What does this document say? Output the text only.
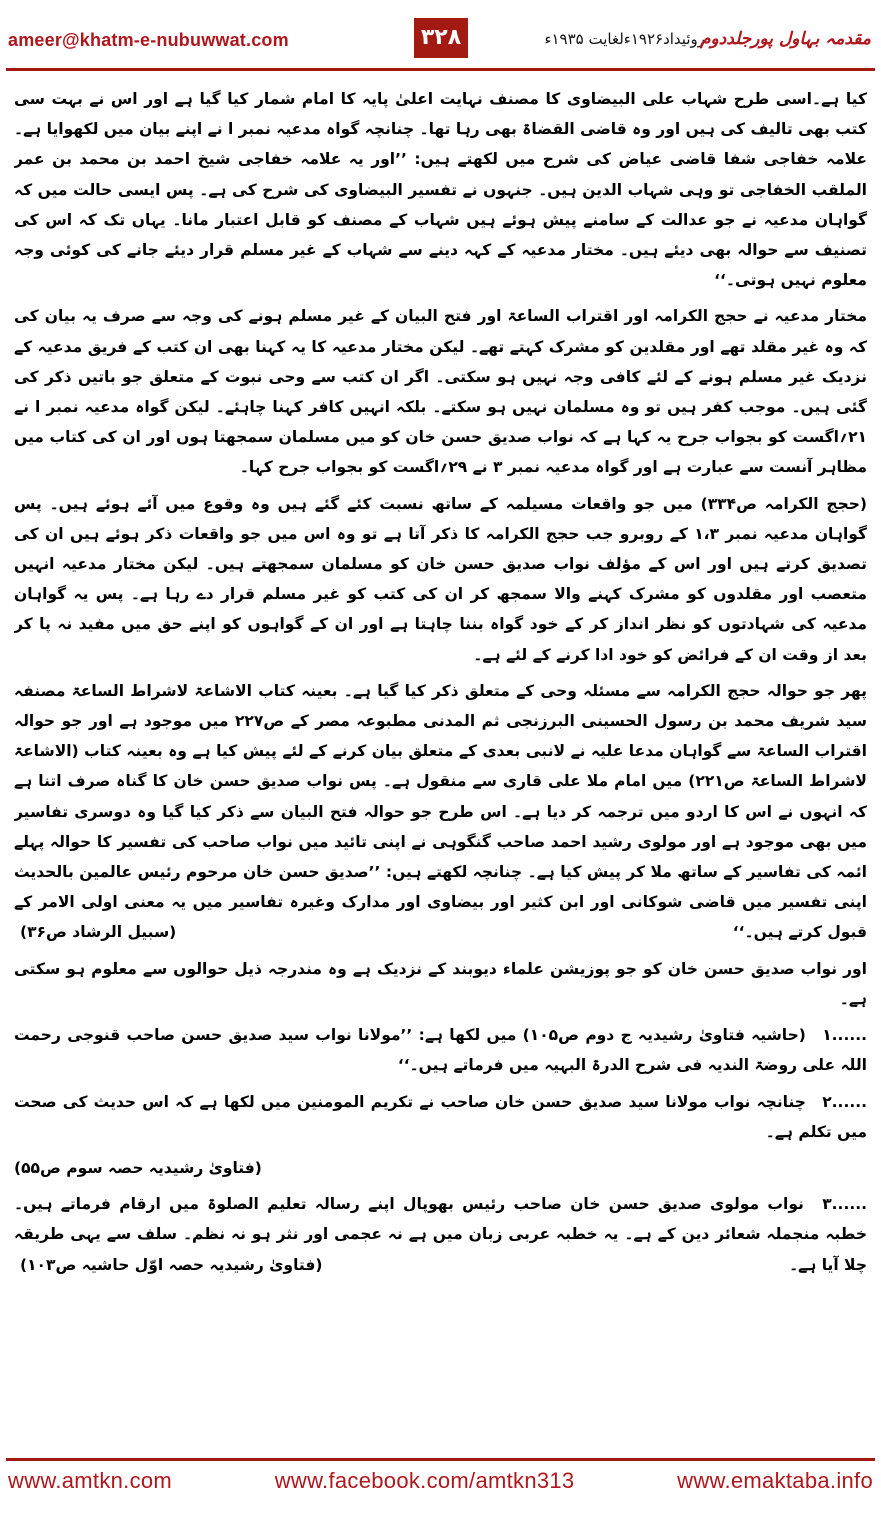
ameer@khatm-e-nubuwwat.com	۳۲۸	روئیداد۱۹۲۶ءلغایت ۱۹۳۵ء
مقدمہ بہاول پورجلددوم

کیا ہے۔اسی طرح شہاب علی البیضاوی کا مصنف نہایت اعلیٰ پایہ کا امام شمار کیا گیا ہے اور اس نے بہت سی کتب بھی تالیف کی ہیں اور وہ قاضی القضاۃ بھی رہا تھا۔ چنانچہ گواہ مدعیہ نمبر ا نے اپنے بیان میں لکھوایا ہے۔ علامہ خفاجی شفا قاضی عیاض کی شرح میں لکھتے ہیں: ’’اور یہ علامہ خفاجی شیخ احمد بن محمد بن عمر الملقب الخفاجی تو وہی شہاب الدین ہیں۔ جنہوں نے تفسیر البیضاوی کی شرح کی ہے۔ پس ایسی حالت میں کہ گواہان مدعیہ نے جو عدالت کے سامنے پیش ہوئے ہیں شہاب کے مصنف کو قابل اعتبار مانا۔ یہاں تک کہ اس کی تصنیف سے حوالہ بھی دیئے ہیں۔ مختار مدعیہ کے کہہ دینے سے شہاب کے غیر مسلم قرار دیئے جانے کی کوئی وجہ معلوم نہیں ہوتی۔‘‘

مختار مدعیہ نے حجج الکرامہ اور اقتراب الساعۃ اور فتح البیان کے غیر مسلم ہونے کی وجہ سے صرف یہ بیان کی کہ وہ غیر مقلد تھے اور مقلدین کو مشرک کہتے تھے۔ لیکن مختار مدعیہ کا یہ کہنا بھی ان کتب کے فریق مدعیہ کے نزدیک غیر مسلم ہونے کے لئے کافی وجہ نہیں ہو سکتی۔ اگر ان کتب سے وحی نبوت کے متعلق جو باتیں ذکر کی گئی ہیں۔ موجب کفر ہیں تو وہ مسلمان نہیں ہو سکتے۔ بلکہ انہیں کافر کہنا چاہئے۔ لیکن گواہ مدعیہ نمبر ا نے ۲۱؍اگست کو بجواب جرح یہ کہا ہے کہ نواب صدیق حسن خان کو میں مسلمان سمجھتا ہوں اور ان کی کتاب میں مظاہر آنست سے عبارت ہے اور گواہ مدعیہ نمبر ۳ نے ۲۹؍اگست کو بجواب جرح کہا۔

(حجج الکرامہ ص۳۳۴) میں جو واقعات مسیلمہ کے ساتھ نسبت کئے گئے ہیں وہ وقوع میں آئے ہوئے ہیں۔ پس گواہان مدعیہ نمبر ۱،۳ کے روبرو جب حجج الکرامہ کا ذکر آتا ہے تو وہ اس میں جو واقعات ذکر ہوئے ہیں ان کی تصدیق کرتے ہیں اور اس کے مؤلف نواب صدیق حسن خان کو مسلمان سمجھتے ہیں۔ لیکن مختار مدعیہ انہیں متعصب اور مقلدوں کو مشرک کہنے والا سمجھ کر ان کی کتب کو غیر مسلم قرار دے رہا ہے۔ پس یہ گواہان مدعیہ کی شہادتوں کو نظر انداز کر کے خود گواہ بننا چاہتا ہے اور ان کے گواہوں کو اپنے حق میں مفید نہ پا کر بعد از وقت ان کے فرائض کو خود ادا کرنے کے لئے ہے۔

پھر جو حوالہ حجج الکرامہ سے مسئلہ وحی کے متعلق ذکر کیا گیا ہے۔ بعینہ کتاب الاشاعۃ لاشراط الساعۃ مصنفہ سید شریف محمد بن رسول الحسینی البرزنجی ثم المدنی مطبوعہ مصر کے ص۲۲۷ میں موجود ہے اور جو حوالہ اقتراب الساعۃ سے گواہان مدعا علیہ نے لانبی بعدی کے متعلق بیان کرنے کے لئے پیش کیا ہے وہ بعینہ کتاب (الاشاعۃ لاشراط الساعۃ ص۲۲۱) میں امام ملا علی قاری سے منقول ہے۔ پس نواب صدیق حسن خان کا گناہ صرف اتنا ہے کہ انہوں نے اس کا اردو میں ترجمہ کر دیا ہے۔ اس طرح جو حوالہ فتح البیان سے ذکر کیا گیا وہ دوسری تفاسیر میں بھی موجود ہے اور مولوی رشید احمد صاحب گنگوہی نے اپنی تائید میں نواب صاحب کی تفسیر کا حوالہ پہلے ائمہ کی تفاسیر کے ساتھ ملا کر پیش کیا ہے۔ چنانچہ لکھتے ہیں: ’’صدیق حسن خان مرحوم رئیس عالمین بالحدیث اپنی تفسیر میں قاضی شوکانی اور ابن کثیر اور بیضاوی اور مدارک وغیرہ تفاسیر میں یہ معنی اولی الامر کے قبول کرتے ہیں۔‘‘
(سبیل الرشاد ص۳۶)

اور نواب صدیق حسن خان کو جو پوزیشن علماء دیوبند کے نزدیک ہے وہ مندرجہ ذیل حوالوں سے معلوم ہو سکتی ہے۔

۱...... (حاشیہ فتاویٰ رشیدیہ ج دوم ص۱۰۵) میں لکھا ہے: ’’مولانا نواب سید صدیق حسن صاحب قنوجی رحمت اللہ علی روضۃ الندیہ فی شرح الدرۃ البہیہ میں فرماتے ہیں۔‘‘

۲...... چنانچہ نواب مولانا سید صدیق حسن خان صاحب نے تکریم المومنین میں لکھا ہے کہ اس حدیث کی صحت میں تکلم ہے۔

(فتاویٰ رشیدیہ حصہ سوم ص۵۵)

۳...... نواب مولوی صدیق حسن خان صاحب رئیس بھوپال اپنے رسالہ تعلیم الصلوۃ میں ارقام فرماتے ہیں۔ خطبہ منجملہ شعائر دین کے ہے۔ یہ خطبہ عربی زبان میں ہے نہ عجمی اور نثر ہو نہ نظم۔ سلف سے یہی طریقہ چلا آیا ہے۔
(فتاویٰ رشیدیہ حصہ اوّل حاشیہ ص۱۰۳)

www.amtkn.com	www.facebook.com/amtkn313	www.emaktaba.info
